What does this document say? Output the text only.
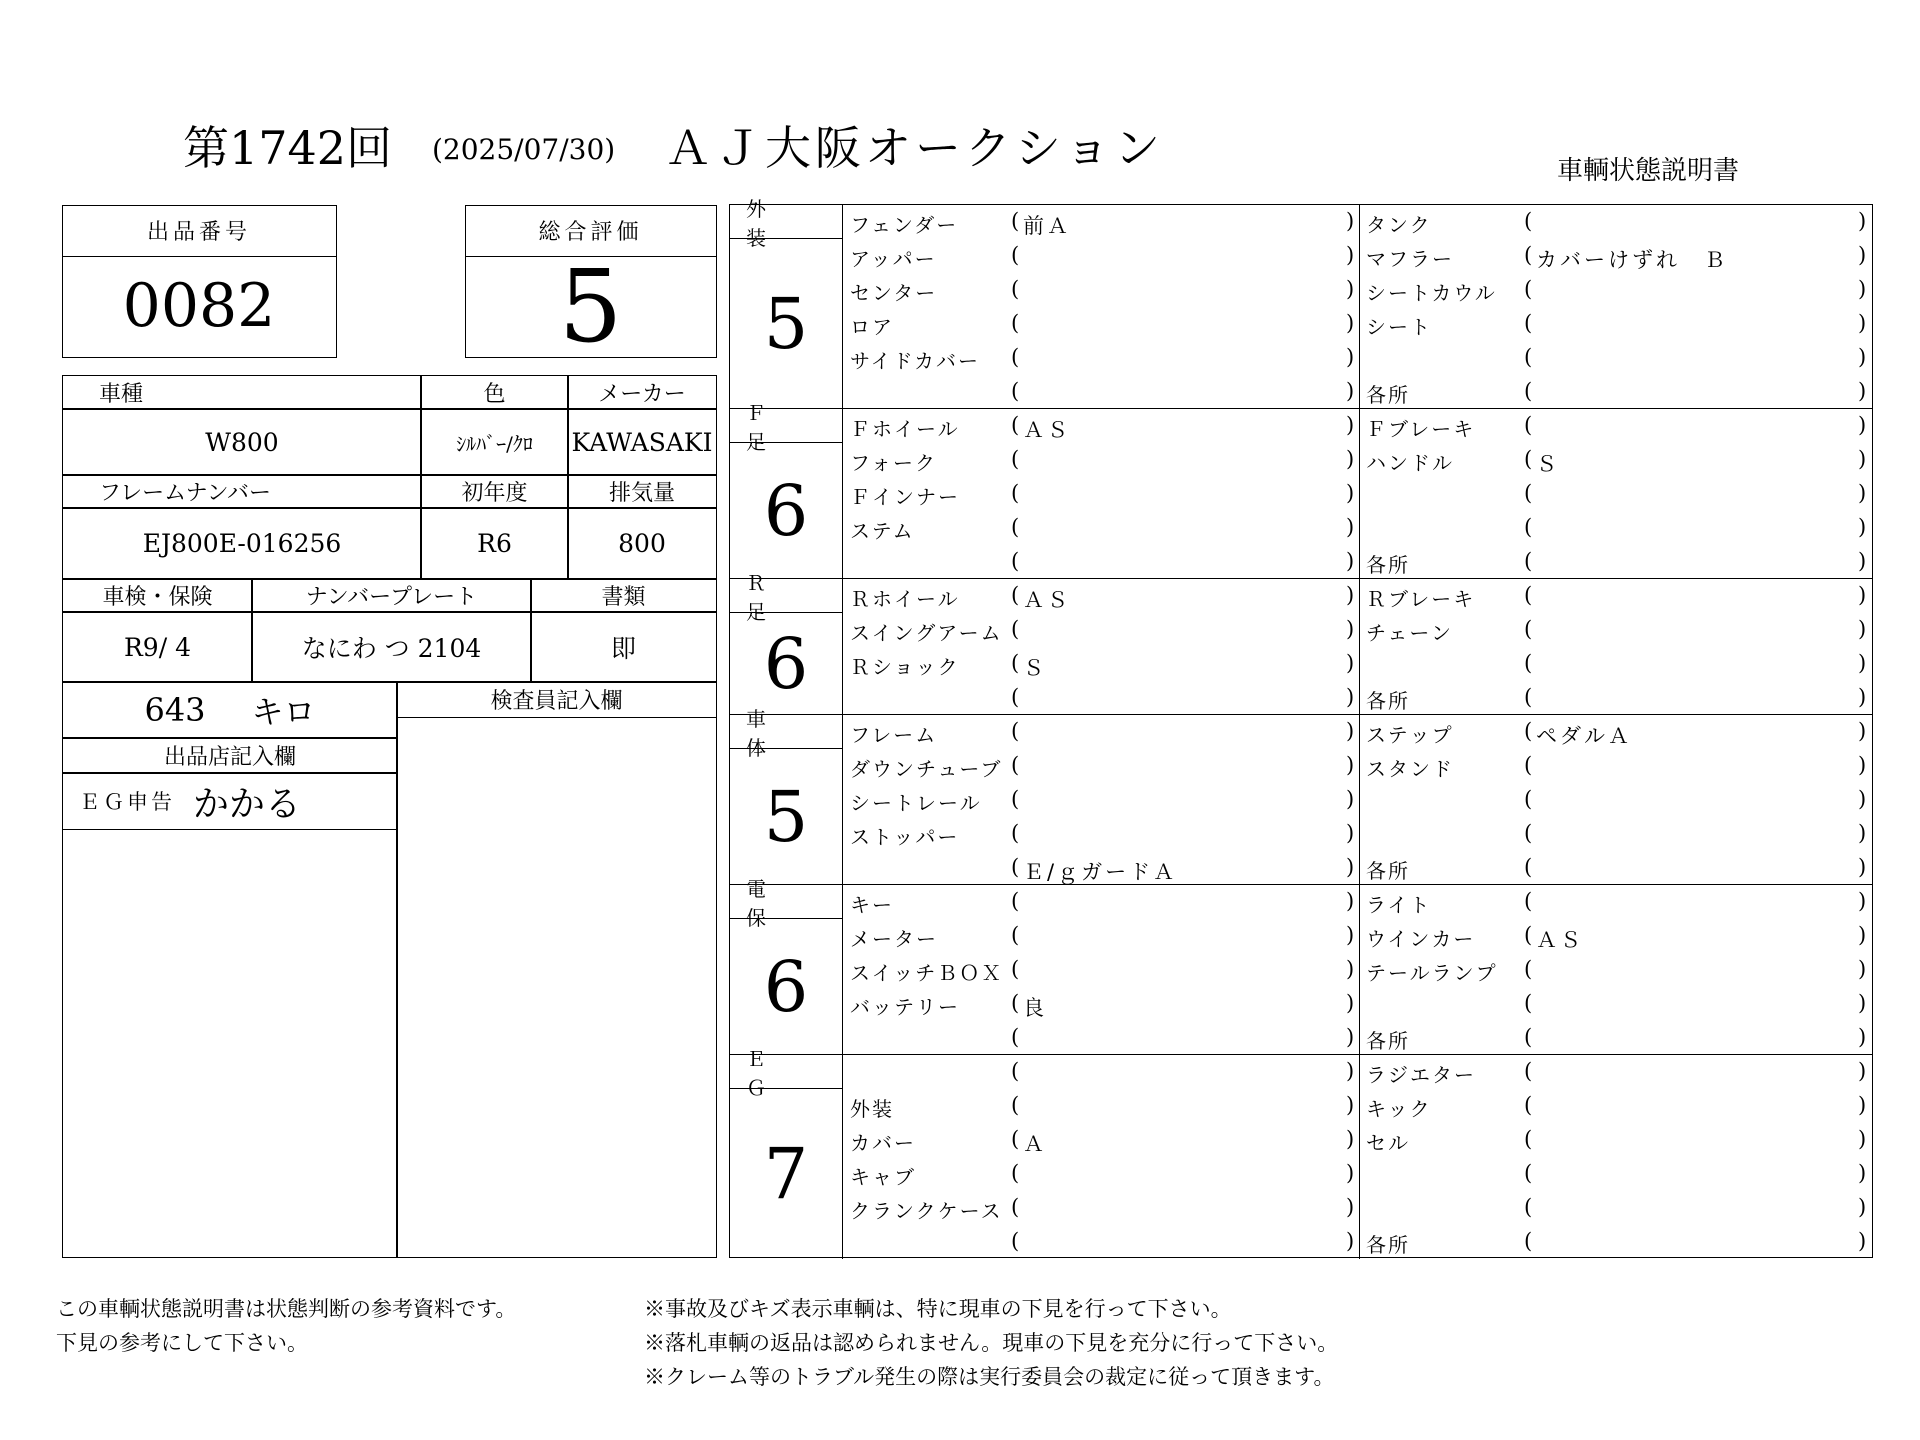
第1742回 (2025/07/30) ＡＪ大阪オークション	車輌状態説明書
出品番号
0082
総合評価
5
車種	色	メーカー
W800	ｼﾙﾊﾞｰ/ｸﾛ	KAWASAKI
フレームナンバー	初年度	排気量
EJ800E-016256	R6	800
車検・保険	ナンバープレート	書類
R9/ 4	なにわ つ 2104	即
643 キロ	検査員記入欄
出品店記入欄
ＥＧ申告 かかる
外 装
5
フェンダー	( 前Ａ	)
アッパー	(	)
センター	(	)
ロア	(	)
サイドカバー (	)
(	)
タンク	(	)
マフラー	( カバーけずれ　Ｂ	)
シートカウル (	)
シート	(	)
(	)
各所	(	)
Ｆ 足
6
Ｆホイール ( ＡＳ	)
フォーク	(	)
Ｆインナー (	)
ステム	(	)
(	)
Ｆブレーキ (	)
ハンドル	( Ｓ	)
(	)
(	)
各所	(	)
Ｒ 足
6
Ｒホイール ( ＡＳ	)
スイングアーム (	)
Ｒショック ( Ｓ	)
(	)
Ｒブレーキ (	)
チェーン	(	)
(	)
各所	(	)
車 体
5
フレーム	(	)
ダウンチューブ (	)
シートレール (	)
ストッパー (	)
( Ｅ/ｇガードＡ	)
ステップ	( ペダルＡ	)
スタンド	(	)
(	)
(	)
各所	(	)
電 保
6
キー	(	)
メーター	(	)
スイッチＢＯＸ (	)
バッテリー ( 良	)
(	)
ライト	(	)
ウインカー ( ＡＳ	)
テールランプ (	)
(	)
各所	(	)
Ｅ Ｇ
7
(	)
外装	(	)
カバー	( Ａ	)
キャブ	(	)
クランクケース (	)
(	)
ラジエター (	)
キック	(	)
セル	(	)
(	)
(	)
各所	(	)
この車輌状態説明書は状態判断の参考資料です。
下見の参考にして下さい。
※事故及びキズ表示車輌は、特に現車の下見を行って下さい。
※落札車輌の返品は認められません。現車の下見を充分に行って下さい。
※クレーム等のトラブル発生の際は実行委員会の裁定に従って頂きます。
